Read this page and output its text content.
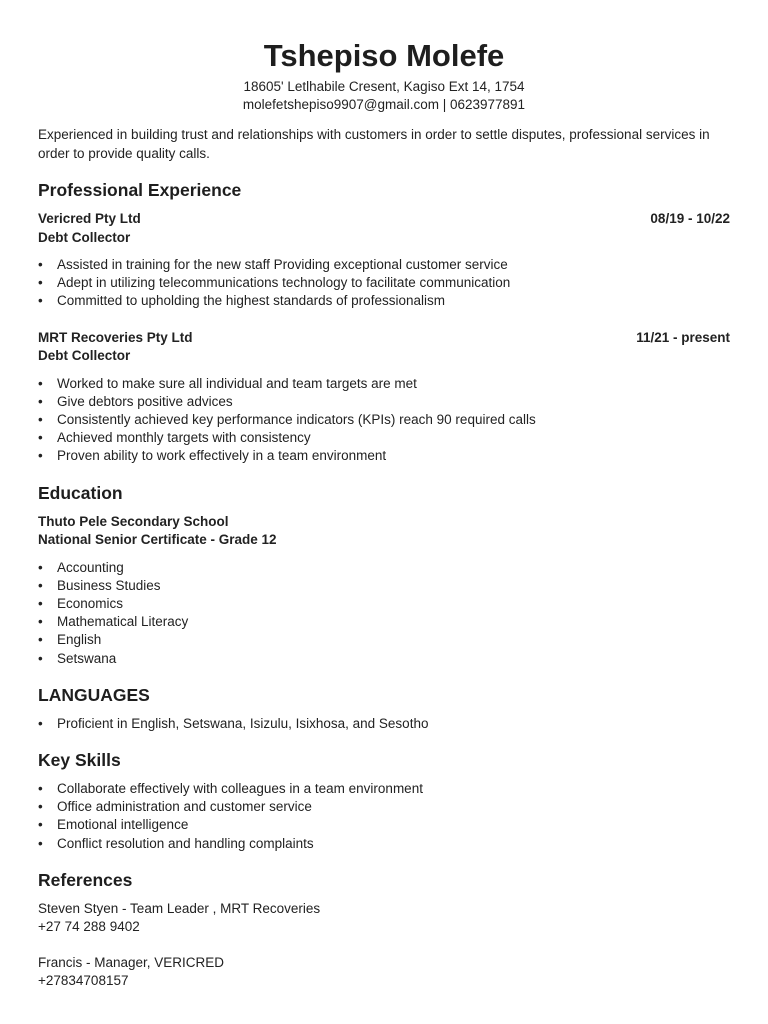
Tshepiso Molefe
18605' Letlhabile Cresent, Kagiso Ext 14, 1754
molefetshepiso9907@gmail.com | 0623977891
Experienced in building trust and relationships with customers in order to settle disputes, professional services in order to provide quality calls.
Professional Experience
Vericred Pty Ltd	08/19 - 10/22
Debt Collector
• Assisted in training for the new staff Providing exceptional customer service
• Adept in utilizing telecommunications technology to facilitate communication
• Committed to upholding the highest standards of professionalism
MRT Recoveries Pty Ltd	11/21 - present
Debt Collector
• Worked to make sure all individual and team targets are met
• Give debtors positive advices
• Consistently achieved key performance indicators (KPIs) reach 90 required calls
• Achieved monthly targets with consistency
• Proven ability to work effectively in a team environment
Education
Thuto Pele Secondary School
National Senior Certificate - Grade 12
• Accounting
• Business Studies
• Economics
• Mathematical Literacy
• English
• Setswana
LANGUAGES
• Proficient in English, Setswana, Isizulu, Isixhosa, and Sesotho
Key Skills
• Collaborate effectively with colleagues in a team environment
• Office administration and customer service
• Emotional intelligence
• Conflict resolution and handling complaints
References
Steven Styen - Team Leader , MRT Recoveries
+27 74 288 9402
Francis - Manager, VERICRED
+27834708157
